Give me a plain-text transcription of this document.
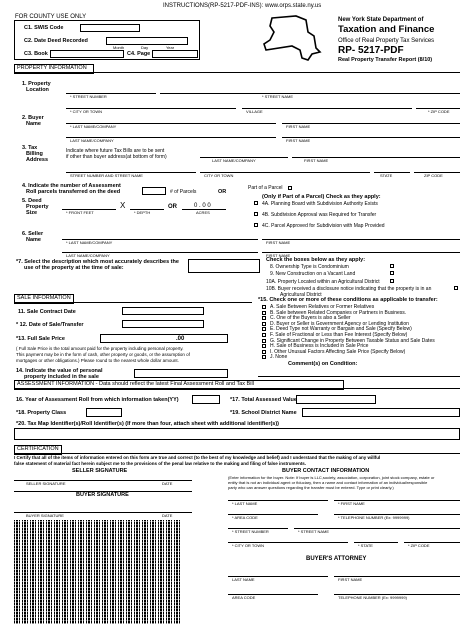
INSTRUCTIONS(RP-5217-PDF-INS): www.orps.state.ny.us
FOR COUNTY USE ONLY
C1. SWIS Code
C2. Date Deed Recorded
Month	Day	Year
C3. Book	C4. Page
New York State Department of
Taxation and Finance
Office of Real Property Tax Services
RP- 5217-PDF
Real Property Transfer Report (8/10)
PROPERTY INFORMATION
1. Property
Location
* STREET NUMBER	* STREET NAME
* CITY OR TOWN	VILLAGE	* ZIP CODE
2. Buyer
Name	* LAST NAME/COMPANY	FIRST NAME
LAST NAME/COMPANY	FIRST NAME
3. Tax
Billing
Address
Indicate where future Tax Bills are to be sent
if other than buyer address(at bottom of form)
LAST NAME/COMPANY	FIRST NAME
STREET NUMBER AND STREET NAME	CITY OR TOWN	STATE	ZIP CODE
4. Indicate the number of Assessment
Roll parcels transferred on the deed	# of Parcels	OR
Part of a Parcel
(Only if Part of a Parcel) Check as they apply:
5. Deed
Property
Size
X	OR	0 . 0 0
* FRONT FEET	* DEPTH	ACRES
4A. Planning Board with Subdivision Authority Exists
4B. Subdivision Approval was Required for Transfer
4C. Parcel Approved for Subdivision with Map Provided
6. Seller
Name	* LAST NAME/COMPANY	FIRST NAME
LAST NAME/COMPANY	FIRST NAME
*7. Select the description which most accurately describes the
use of the property at the time of sale:
Check the boxes below as they apply:
8. Ownership Type is Condominium
9. New Construction on a Vacant Land
10A. Property Located within an Agricultural District
10B. Buyer received a disclosure notice indicating that the property is in an
Agricultural District
SALE INFORMATION
11. Sale Contract Date
* 12. Date of Sale/Transfer
*13. Full Sale Price	.00
( Full Sale Price is the total amount paid for the property including personal property.
This payment may be in the form of cash, other property or goods, or the assumption of
mortgages or other obligations.) Please round to the nearest whole dollar amount.
14. Indicate the value of personal
property included in the sale
*15. Check one or more of these conditions as applicable to transfer:
A. Sale Between Relatives or Former Relatives
B. Sale between Related Companies or Partners in Business.
C. One of the Buyers is also a Seller
D. Buyer or Seller is Government Agency or Lending Institution
E. Deed Type not Warranty or Bargain and Sale (Specify Below)
F. Sale of Fractional or Less than Fee Interest (Specify Below)
G. Significant Change in Property Between Taxable Status and Sale Dates
H. Sale of Business is Included in Sale Price
I. Other Unusual Factors Affecting Sale Price (Specify Below)
J. None
Comment(s) on Condition:
ASSESSMENT INFORMATION - Data should reflect the latest Final Assessment Roll and Tax Bill
16. Year of Assessment Roll from which information taken(YY)	*17. Total Assessed Value
*18. Property Class	*19. School District Name
*20. Tax Map Identifier(s)/Roll Identifier(s) (If more than four, attach sheet with additional identifier(s))
CERTIFICATION
I Certify that all of the items of information entered on this form are true and correct (to the best of my knowledge and belief) and I understand that the making of any willful
false statement of material fact herein subject me to the provisions of the penal law relative to the making and filing of false instruments.
SELLER SIGNATURE
SELLER SIGNATURE	DATE
BUYER SIGNATURE
BUYER SIGNATURE	DATE
BUYER CONTACT INFORMATION
(Enter information for the buyer. Note: If buyer is LLC,society, association, corporation, joint stock company, estate or
entity that is not an individual agent or fiduciary, then a name and contact information of an individual/responsible
party who can answer questions regarding the transfer must be entered. Type or print clearly.)
* LAST NAME	* FIRST NAME
* AREA CODE	* TELEPHONE NUMBER (Ex: 9999999)
* STREET NUMBER	* STREET NAME
* CITY OR TOWN	* STATE	* ZIP CODE
BUYER'S ATTORNEY
LAST NAME	FIRST NAME
AREA CODE	TELEPHONE NUMBER (Ex: 9999999)
